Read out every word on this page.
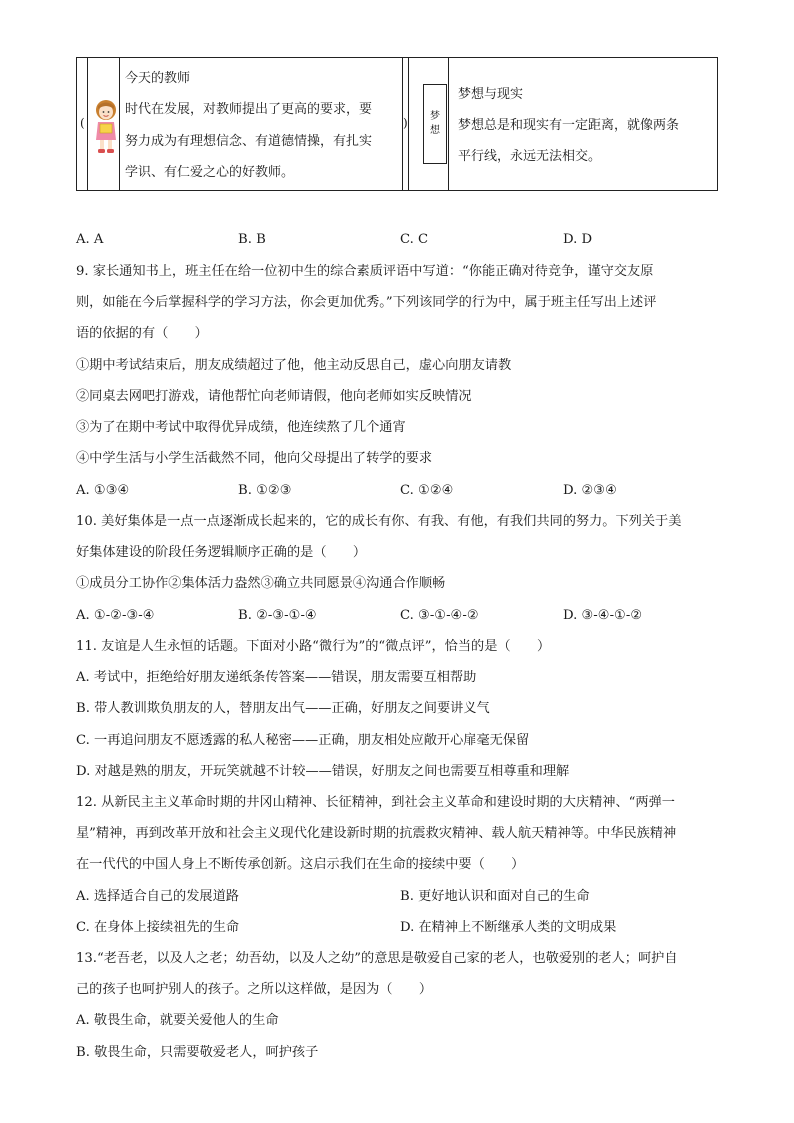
(	)
今天的教师
时代在发展，对教师提出了更高的要求，要
努力成为有理想信念、有道德情操，有扎实
学识、有仁爱之心的好教师。
梦
想
梦想与现实
梦想总是和现实有一定距离，就像两条
平行线，永远无法相交。
A. A	B. B	C. C	D. D
9. 家长通知书上，班主任在给一位初中生的综合素质评语中写道：“你能正确对待竞争，谨守交友原
则，如能在今后掌握科学的学习方法，你会更加优秀。”下列该同学的行为中，属于班主任写出上述评
语的依据的有（　　）
①期中考试结束后，朋友成绩超过了他，他主动反思自己，虚心向朋友请教
②同桌去网吧打游戏，请他帮忙向老师请假，他向老师如实反映情况
③为了在期中考试中取得优异成绩，他连续熬了几个通宵
④中学生活与小学生活截然不同，他向父母提出了转学的要求
A. ①③④	B. ①②③	C. ①②④	D. ②③④
10. 美好集体是一点一点逐渐成长起来的，它的成长有你、有我、有他，有我们共同的努力。下列关于美
好集体建设的阶段任务逻辑顺序正确的是（　　）
①成员分工协作②集体活力盎然③确立共同愿景④沟通合作顺畅
A. ①-②-③-④	B. ②-③-①-④	C. ③-①-④-②	D. ③-④-①-②
11. 友谊是人生永恒的话题。下面对小路“微行为”的“微点评”，恰当的是（　　）
A. 考试中，拒绝给好朋友递纸条传答案——错误，朋友需要互相帮助
B. 带人教训欺负朋友的人，替朋友出气——正确，好朋友之间要讲义气
C. 一再追问朋友不愿透露的私人秘密——正确，朋友相处应敞开心扉毫无保留
D. 对越是熟的朋友，开玩笑就越不计较——错误，好朋友之间也需要互相尊重和理解
12. 从新民主主义革命时期的井冈山精神、长征精神，到社会主义革命和建设时期的大庆精神、“两弹一
星”精神，再到改革开放和社会主义现代化建设新时期的抗震救灾精神、载人航天精神等。中华民族精神
在一代代的中国人身上不断传承创新。这启示我们在生命的接续中要（　　）
A. 选择适合自己的发展道路	B. 更好地认识和面对自己的生命
C. 在身体上接续祖先的生命	D. 在精神上不断继承人类的文明成果
13.“老吾老，以及人之老；幼吾幼，以及人之幼”的意思是敬爱自己家的老人，也敬爱别的老人；呵护自
己的孩子也呵护别人的孩子。之所以这样做，是因为（　　）
A. 敬畏生命，就要关爱他人的生命
B. 敬畏生命，只需要敬爱老人，呵护孩子
